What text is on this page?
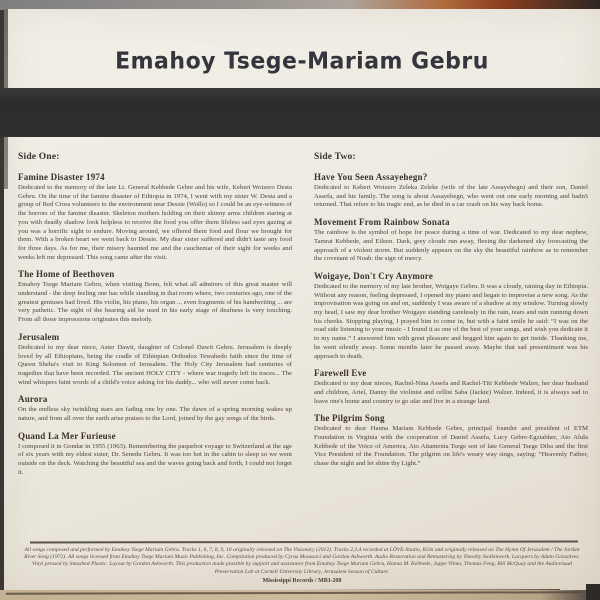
Emahoy Tsege-Mariam Gebru

Side One:

Famine Disaster 1974

Dedicated to the memory of the late Lt. General Kebbede Gebre and his wife, Kebert Woizero Desta Gebru. On the time of the famine disaster of Ethiopia in 1974, I went with my sister W. Desta and a group of Red Cross volunteers to the environment near Dessie (Wollo) so I could be an eye-witness of the horrors of the famine disaster. Skeleton mothers holding on their skinny arms children staring at you with deadly shadow look helpless to receive the food you offer them lifeless sad eyes gazing at you was a horrific sight to endure. Moving around, we offered them food and flour we brought for them. With a broken heart we went back to Dessie. My dear sister suffered and didn't taste any food for three days. As for me, their misery haunted me and the cauchemar of their sight for weeks and weeks left me depressed. This song came after the visit.

The Home of Beethoven

Emahoy Tsege Mariam Gebru, when visiting Bonn, felt what all admirers of this great master will understand - the deep feeling one has while standing in that room where, two centuries ago, one of the greatest geniuses had lived. His violin, his piano, his organ ... even fragments of his handwriting ... are very pathetic. The sight of the hearing aid he used in his early stage of deafness is very touching. From all those impressions originates this melody.

Jerusalem

Dedicated to my dear niece, Aster Dawit, daughter of Colonel Dawit Gebru. Jerusalem is deeply loved by all Ethiopians, being the cradle of Ethiopian Orthodox Tewahedo faith since the time of Queen Sheba's visit to King Solomon of Jerusalem. The Holy City Jerusalem had centuries of tragedies that have been recorded. The ancient HOLY CITY - where war tragedy left its traces... The wind whispers faint words of a child's voice asking for his daddy... who will never come back.

Aurora

On the endless sky twinkling stars are fading one by one. The dawn of a spring morning wakes up nature, and from all over the earth arise praises to the Lord, joined by the gay songs of the birds.

Quand La Mer Furieuse

I composed it in Gondar in 1955 (1963). Remembering the paquebot voyage to Switzerland at the age of six years with my eldest sister, Dr. Senedu Gebru. It was too hot in the cabin to sleep so we went outside on the deck. Watching the beautiful sea and the waves going back and forth, I could not forget it.

Side Two:

Have You Seen Assayehegn?

Dedicated to Kebert Woizero Zeleka Zeleke (wife of the late Assayehegn) and their son, Daniel Assefa, and his family. The song is about Assayehegn, who went out one early morning and hadn't returned. That refers to his tragic end, as he died in a car crash on his way back home.

Movement From Rainbow Sonata

The rainbow is the symbol of hope for peace during a time of war. Dedicated to my dear nephew, Tamrat Kebbede, and Eileen. Dark, grey clouds run away, fleeing the darkened sky forecasting the approach of a violent storm. But suddenly appears on the sky the beautiful rainbow as to remember the covenant of Noah: the sign of mercy.

Woigaye, Don't Cry Anymore

Dedicated to the memory of my late brother, Woigaye Gebru. It was a cloudy, raining day in Ethiopia. Without any reason, feeling depressed, I opened my piano and began to improvise a new song. As the improvisation was going on and on, suddenly I was aware of a shadow at my window. Turning slowly my head, I saw my dear brother Woigaye standing carelessly in the rain, tears and rain running down his cheeks. Stopping playing, I prayed him to come in, but with a faint smile he said: “I was on the road side listening to your music - I found it as one of the best of your songs, and wish you dedicate it to my name.” I answered him with great pleasure and begged him again to get inside. Thanking me, he went silently away. Some months later he passed away. Maybe that sad presentiment was his approach to death.

Farewell Eve

Dedicated to my dear nieces, Rachel-Nina Assefa and Rachel-Titi Kebbede Walzer, her dear husband and children, Ariel, Danny the violinist and cellist Saba (Jackie) Walzer. Indeed, it is always sad to leave one's home and country to go afar and live in a strange land.

The Pilgrim Song

Dedicated to dear Hanna Mariam Kebbede Gebre, principal founder and president of ETM Foundation in Virginia with the cooperation of Daniel Assefa, Lucy Gebre-Egziabher, Ato Alula Kebbede of the Voice of America, Ato Attamenta Tsege son of late General Tsege Diba and the first Vice President of the Foundation. The pilgrim on life's weary way sings, saying: “Heavenly Father, chase the night and let shine thy Light.”

All songs composed and performed by Emahoy Tsege Mariam Gebru. Tracks 1, 6, 7, 8, 9, 10 originally released on The Visionary (2012). Tracks 2,3,4 recorded at LÖVE-Studio, Köln and originally released on The Hymn Of Jerusalem / The Jordan River Song (1972). All songs licensed from Emahoy Tsege Mariam Music Publishing, Inc. Compilation produced by Cyrus Moussavi and Gordon Ashworth. Audio Restoration and Remastering by Timothy Stollenwerk. Lacquers by Adam Gonsalves. Vinyl pressed by Smashed Plastic. Layout by Gordon Ashworth. This production made possible by support and assistance from Emahoy Tsege Mariam Gebru, Hanna M. Kebbede, Jappe Vilma, Thomas Feng, Bill McQuay and the Audiovisual Preservation Lab at Cornell University Library, Jerusalem Season of Culture.

Mississippi Records / MRI-208
